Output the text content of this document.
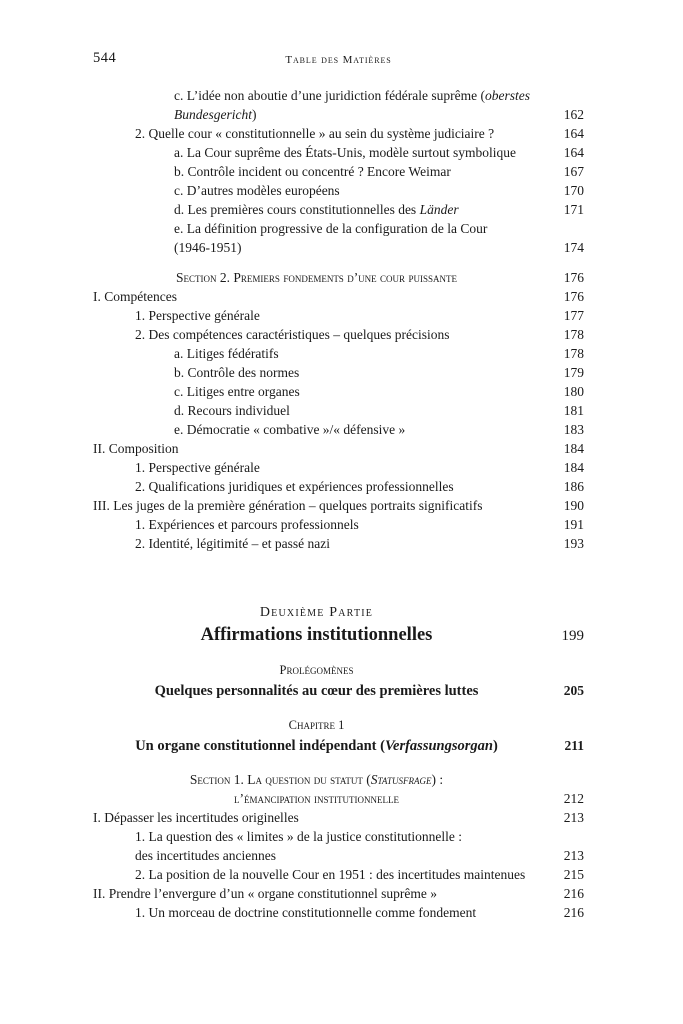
544	Table des Matières
c. L’idée non aboutie d’une juridiction fédérale suprême (oberstes
Bundesgericht)	162
2. Quelle cour « constitutionnelle » au sein du système judiciaire ?	164
a. La Cour suprême des États-Unis, modèle surtout symbolique	164
b. Contrôle incident ou concentré ? Encore Weimar	167
c. D’autres modèles européens	170
d. Les premières cours constitutionnelles des Länder	171
e. La définition progressive de la configuration de la Cour
(1946-1951)	174
Section 2. Premiers fondements d’une cour puissante	176
I. Compétences	176
1. Perspective générale	177
2. Des compétences caractéristiques – quelques précisions	178
a. Litiges fédératifs	178
b. Contrôle des normes	179
c. Litiges entre organes	180
d. Recours individuel	181
e. Démocratie « combative »/« défensive »	183
II. Composition	184
1. Perspective générale	184
2. Qualifications juridiques et expériences professionnelles	186
III. Les juges de la première génération – quelques portraits significatifs	190
1. Expériences et parcours professionnels	191
2. Identité, légitimité – et passé nazi	193
Deuxième Partie
Affirmations institutionnelles	199
Prolégomènes
Quelques personnalités au cœur des premières luttes	205
Chapitre 1
Un organe constitutionnel indépendant (Verfassungsorgan)	211
Section 1. La question du statut (Statusfrage) :
l’émancipation institutionnelle	212
I. Dépasser les incertitudes originelles	213
1. La question des « limites » de la justice constitutionnelle :
des incertitudes anciennes	213
2. La position de la nouvelle Cour en 1951 : des incertitudes maintenues	215
II. Prendre l’envergure d’un « organe constitutionnel suprême »	216
1. Un morceau de doctrine constitutionnelle comme fondement	216
